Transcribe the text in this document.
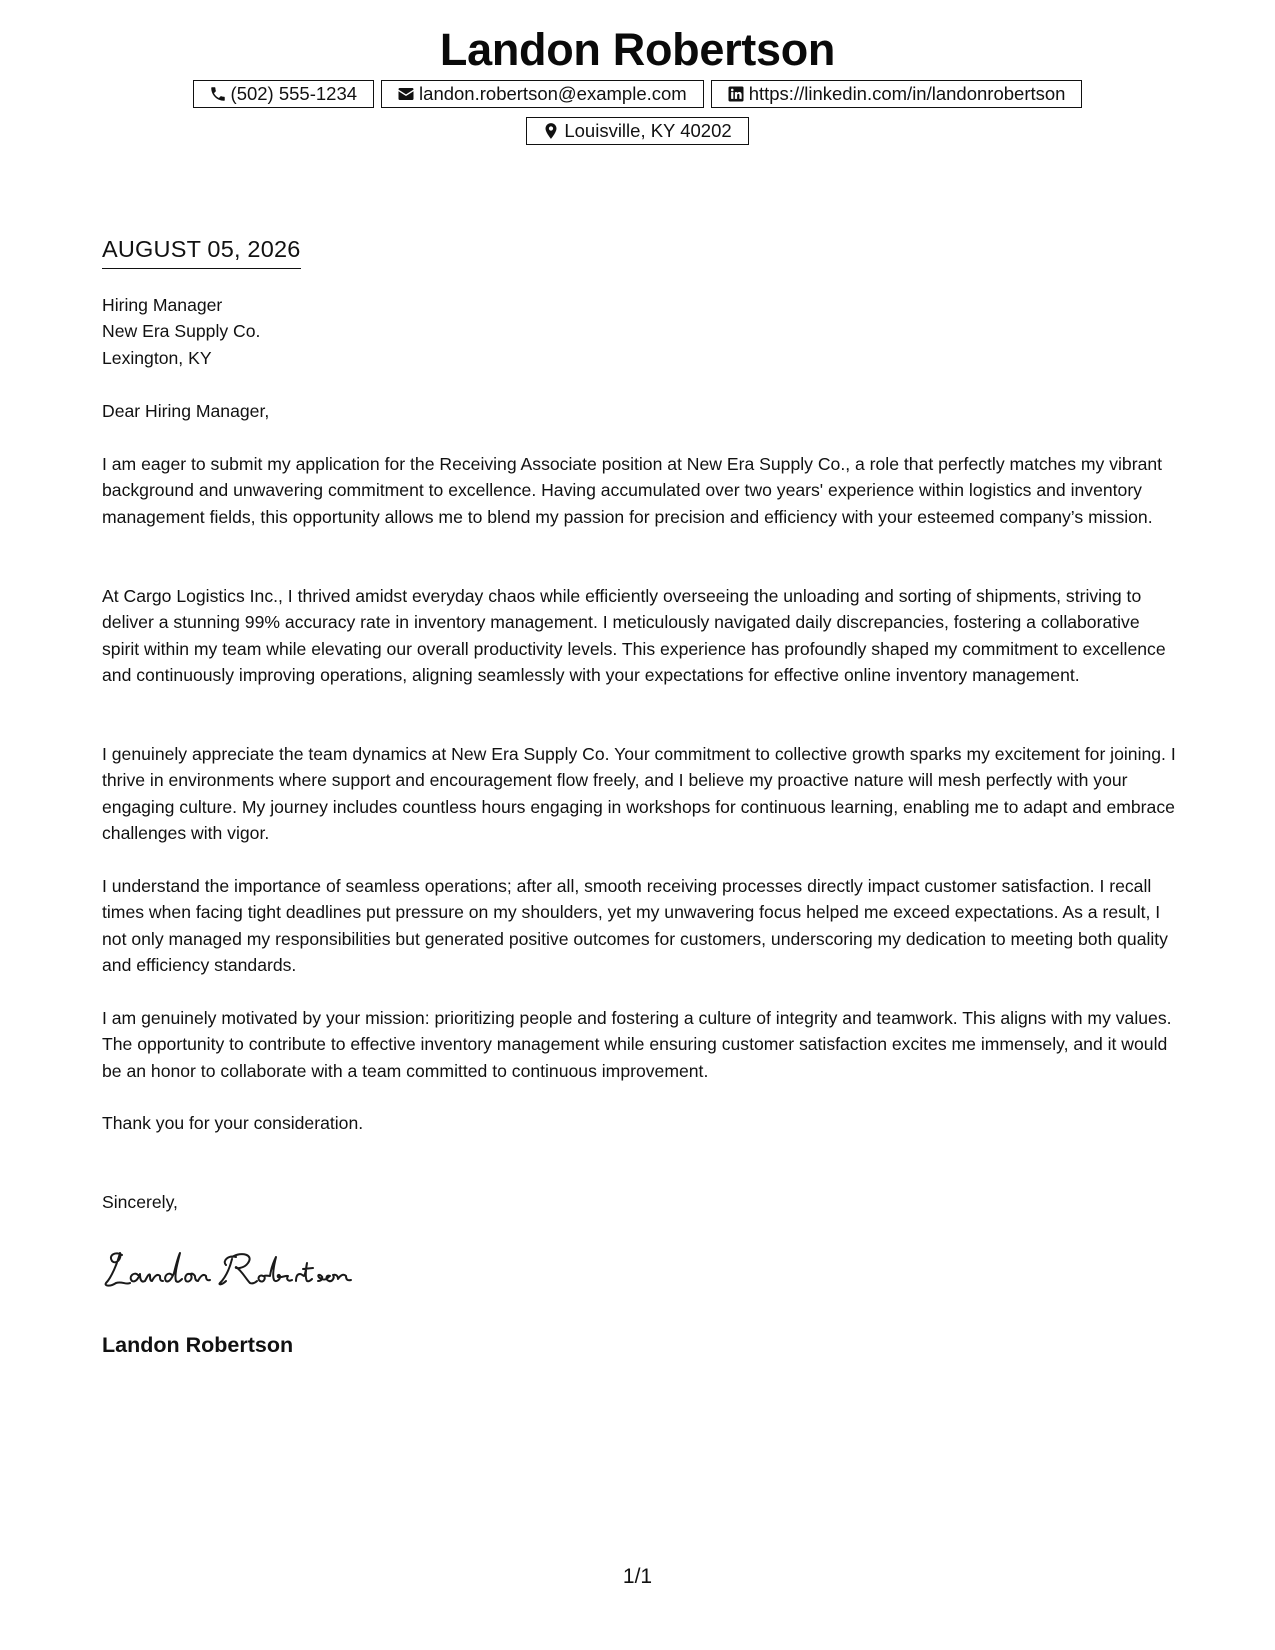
Landon Robertson
(502) 555-1234	landon.robertson@example.com	https://linkedin.com/in/landonrobertson
Louisville, KY 40202
AUGUST 05, 2026
Hiring Manager
New Era Supply Co.
Lexington, KY
Dear Hiring Manager,

I am eager to submit my application for the Receiving Associate position at New Era Supply Co., a role that perfectly matches my vibrant background and unwavering commitment to excellence. Having accumulated over two years' experience within logistics and inventory management fields, this opportunity allows me to blend my passion for precision and efficiency with your esteemed company’s mission.

At Cargo Logistics Inc., I thrived amidst everyday chaos while efficiently overseeing the unloading and sorting of shipments, striving to deliver a stunning 99% accuracy rate in inventory management. I meticulously navigated daily discrepancies, fostering a collaborative spirit within my team while elevating our overall productivity levels. This experience has profoundly shaped my commitment to excellence and continuously improving operations, aligning seamlessly with your expectations for effective online inventory management.

I genuinely appreciate the team dynamics at New Era Supply Co. Your commitment to collective growth sparks my excitement for joining. I thrive in environments where support and encouragement flow freely, and I believe my proactive nature will mesh perfectly with your engaging culture. My journey includes countless hours engaging in workshops for continuous learning, enabling me to adapt and embrace challenges with vigor.

I understand the importance of seamless operations; after all, smooth receiving processes directly impact customer satisfaction. I recall times when facing tight deadlines put pressure on my shoulders, yet my unwavering focus helped me exceed expectations. As a result, I not only managed my responsibilities but generated positive outcomes for customers, underscoring my dedication to meeting both quality and efficiency standards.

I am genuinely motivated by your mission: prioritizing people and fostering a culture of integrity and teamwork. This aligns with my values. The opportunity to contribute to effective inventory management while ensuring customer satisfaction excites me immensely, and it would be an honor to collaborate with a team committed to continuous improvement.

Thank you for your consideration.
Sincerely,
Landon Robertson
1/1
